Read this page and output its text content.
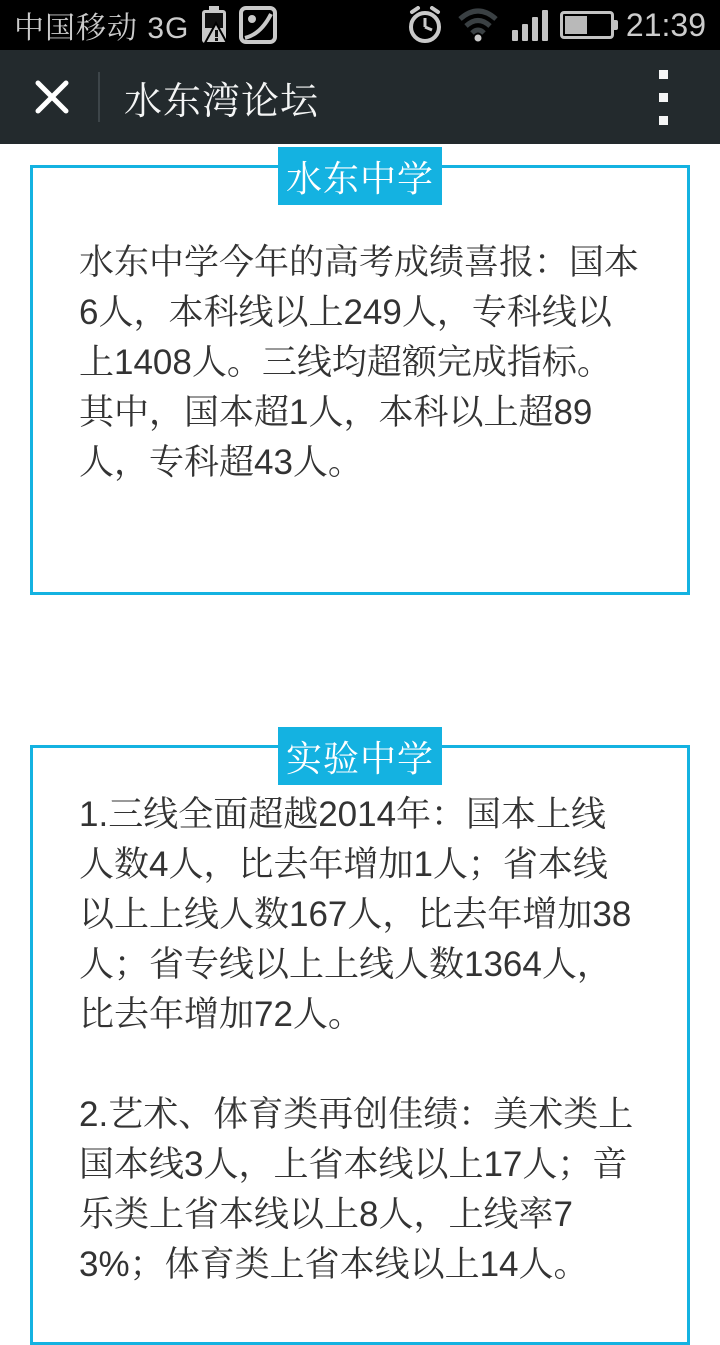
中国移动 3G	21:39
水东湾论坛
水东中学

水东中学今年的高考成绩喜报：国本6人，本科线以上249人，专科线以上1408人。三线均超额完成指标。其中，国本超1人，本科以上超89人，专科超43人。

实验中学

1.三线全面超越2014年：国本上线人数4人，比去年增加1人；省本线以上上线人数167人，比去年增加38人；省专线以上上线人数1364人，比去年增加72人。

2.艺术、体育类再创佳绩：美术类上国本线3人，上省本线以上17人；音乐类上省本线以上8人，上线率73%；体育类上省本线以上14人。
